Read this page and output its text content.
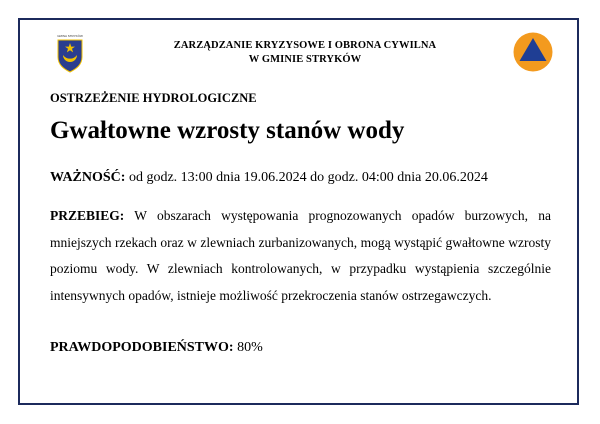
GMINA STRYKÓW
ZARZĄDZANIE KRYZYSOWE I OBRONA CYWILNA
W GMINIE STRYKÓW
OSTRZEŻENIE HYDROLOGICZNE
Gwałtowne wzrosty stanów wody
WAŻNOŚĆ: od godz. 13:00 dnia 19.06.2024 do godz. 04:00 dnia 20.06.2024
PRZEBIEG: W obszarach występowania prognozowanych opadów burzowych, na mniejszych rzekach oraz w zlewniach zurbanizowanych, mogą wystąpić gwałtowne wzrosty poziomu wody. W zlewniach kontrolowanych, w przypadku wystąpienia szczególnie intensywnych opadów, istnieje możliwość przekroczenia stanów ostrzegawczych.
PRAWDOPODOBIEŃSTWO: 80%
